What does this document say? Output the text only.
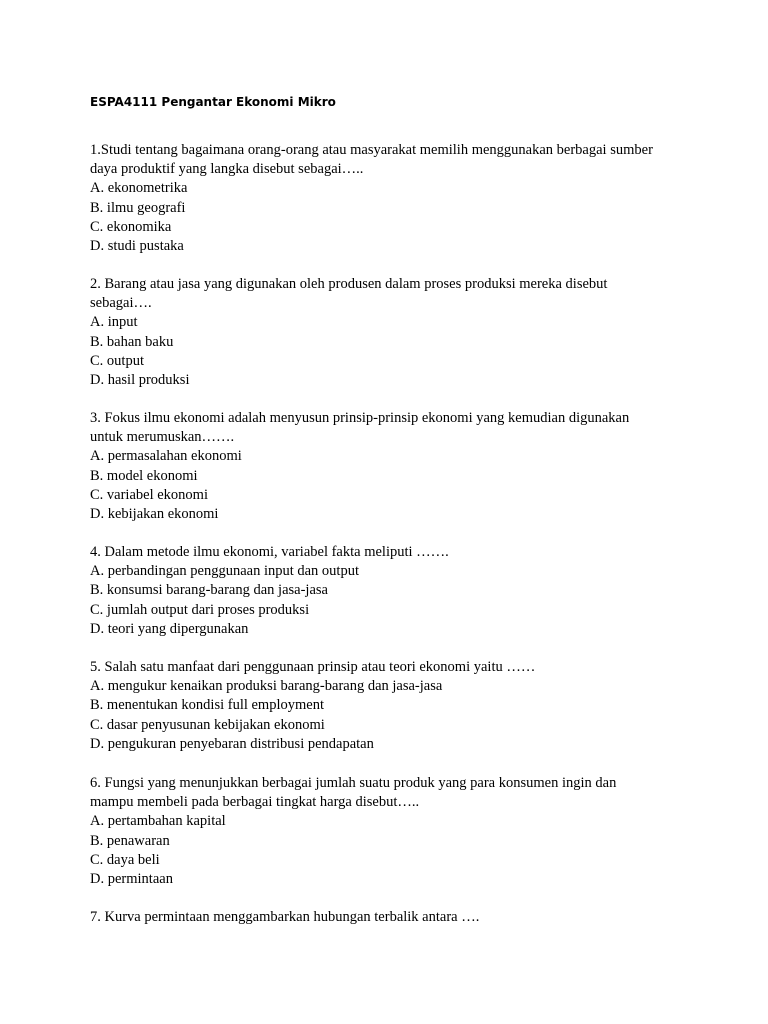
ESPA4111 Pengantar Ekonomi Mikro
1.Studi tentang bagaimana orang-orang atau masyarakat memilih menggunakan berbagai sumber
daya produktif yang langka disebut sebagai…..
A. ekonometrika
B. ilmu geografi
C. ekonomika
D. studi pustaka
2. Barang atau jasa yang digunakan oleh produsen dalam proses produksi mereka disebut
sebagai….
A. input
B. bahan baku
C. output
D. hasil produksi
3. Fokus ilmu ekonomi adalah menyusun prinsip-prinsip ekonomi yang kemudian digunakan
untuk merumuskan…….
A. permasalahan ekonomi
B. model ekonomi
C. variabel ekonomi
D. kebijakan ekonomi
4. Dalam metode ilmu ekonomi, variabel fakta meliputi …….
A. perbandingan penggunaan input dan output
B. konsumsi barang-barang dan jasa-jasa
C. jumlah output dari proses produksi
D. teori yang dipergunakan
5. Salah satu manfaat dari penggunaan prinsip atau teori ekonomi yaitu ……
A. mengukur kenaikan produksi barang-barang dan jasa-jasa
B. menentukan kondisi full employment
C. dasar penyusunan kebijakan ekonomi
D. pengukuran penyebaran distribusi pendapatan
6. Fungsi yang menunjukkan berbagai jumlah suatu produk yang para konsumen ingin dan
mampu membeli pada berbagai tingkat harga disebut…..
A. pertambahan kapital
B. penawaran
C. daya beli
D. permintaan
7. Kurva permintaan menggambarkan hubungan terbalik antara ….
